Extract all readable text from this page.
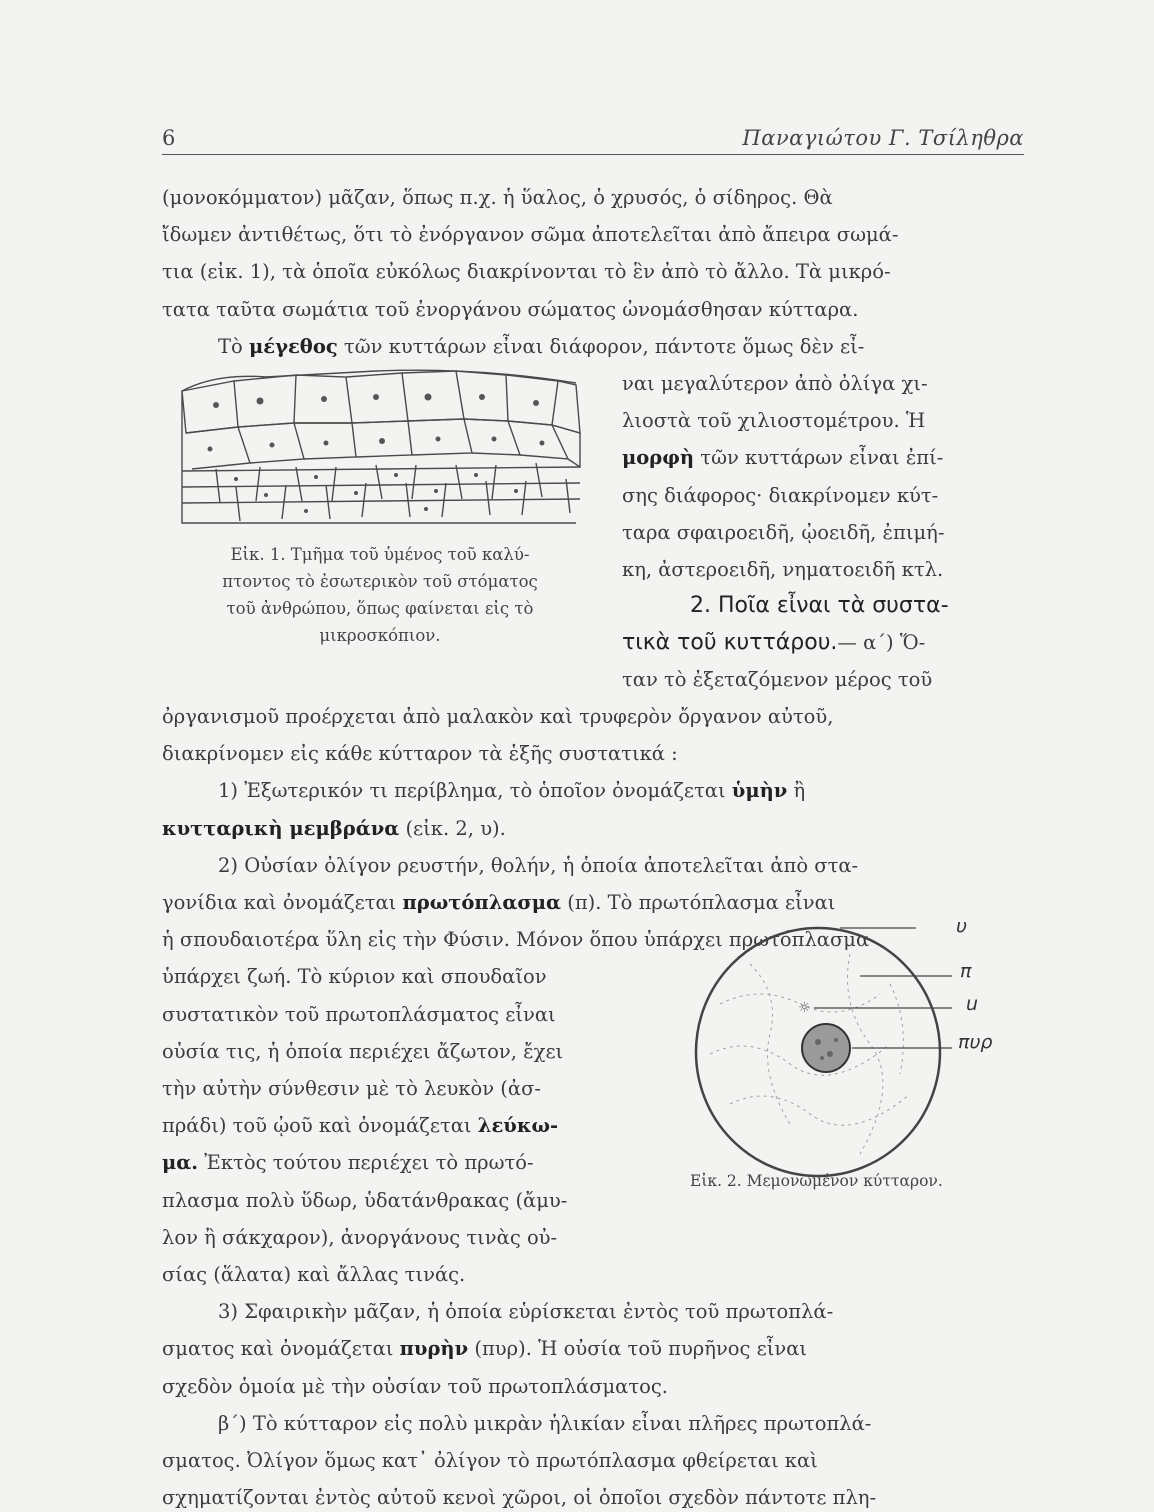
6	Παναγιώτου Γ. Τσίληθρα
(μονοκόμματον) μᾶζαν, ὅπως π.χ. ἡ ὕαλος, ὁ χρυσός, ὁ σίδηρος. Θὰ
ἴδωμεν ἀντιθέτως, ὅτι τὸ ἐνόργανον σῶμα ἀποτελεῖται ἀπὸ ἄπειρα σωμά-
τια (εἰκ. 1), τὰ ὁποῖα εὐκόλως διακρίνονται τὸ ἓν ἀπὸ τὸ ἄλλο. Τὰ μικρό-
τατα ταῦτα σωμάτια τοῦ ἐνοργάνου σώματος ὠνομάσθησαν κύτταρα.
Τὸ μέγεθος τῶν κυττάρων εἶναι διάφορον, πάντοτε ὅμως δὲν εἶ-
ναι μεγαλύτερον ἀπὸ ὀλίγα χι-
λιοστὰ τοῦ χιλιοστομέτρου. Ἡ
μορφὴ τῶν κυττάρων εἶναι ἐπί-
σης διάφορος· διακρίνομεν κύτ-
ταρα σφαιροειδῆ, ᾠοειδῆ, ἐπιμή-
κη, ἀστεροειδῆ, νηματοειδῆ κτλ.
Εἰκ. 1. Τμῆμα τοῦ ὑμένος τοῦ καλύ-
πτοντος τὸ ἐσωτερικὸν τοῦ στόματος
τοῦ ἀνθρώπου, ὅπως φαίνεται εἰς τὸ
μικροσκόπιον.
2. Ποῖα εἶναι τὰ συστα-
τικὰ τοῦ κυττάρου.— α΄) Ὅ-
ταν τὸ ἐξεταζόμενον μέρος τοῦ
ὀργανισμοῦ προέρχεται ἀπὸ μαλακὸν καὶ τρυφερὸν ὄργανον αὐτοῦ,
διακρίνομεν εἰς κάθε κύτταρον τὰ ἑξῆς συστατικά :
1) Ἐξωτερικόν τι περίβλημα, τὸ ὁποῖον ὀνομάζεται ὑμὴν ἢ
κυτταρικὴ μεμβράνα (εἰκ. 2, υ).
2) Οὐσίαν ὀλίγον ρευστήν, θολήν, ἡ ὁποία ἀποτελεῖται ἀπὸ στα-
γονίδια καὶ ὀνομάζεται πρωτόπλασμα (π). Τὸ πρωτόπλασμα εἶναι
ἡ σπουδαιοτέρα ὕλη εἰς τὴν Φύσιν. Μόνον ὅπου ὑπάρχει πρωτόπλασμα
ὑπάρχει ζωή. Τὸ κύριον καὶ σπουδαῖον
συστατικὸν τοῦ πρωτοπλάσματος εἶναι
οὐσία τις, ἡ ὁποία περιέχει ἄζωτον, ἔχει
τὴν αὐτὴν σύνθεσιν μὲ τὸ λευκὸν (ἀσ-
πράδι) τοῦ ᾠοῦ καὶ ὀνομάζεται λεύκω-
μα. Ἐκτὸς τούτου περιέχει τὸ πρωτό-
πλασμα πολὺ ὕδωρ, ὑδατάνθρακας (ἄμυ-
λον ἢ σάκχαρον), ἀνοργάνους τινὰς οὐ-
σίας (ἅλατα) καὶ ἄλλας τινάς.
☼
υ
π
u
πυρ
Εἰκ. 2. Μεμονωμένον κύτταρον.
3) Σφαιρικὴν μᾶζαν, ἡ ὁποία εὑρίσκεται ἐντὸς τοῦ πρωτοπλά-
σματος καὶ ὀνομάζεται πυρὴν (πυρ). Ἡ οὐσία τοῦ πυρῆνος εἶναι
σχεδὸν ὁμοία μὲ τὴν οὐσίαν τοῦ πρωτοπλάσματος.
β΄) Τὸ κύτταρον εἰς πολὺ μικρὰν ἡλικίαν εἶναι πλῆρες πρωτοπλά-
σματος. Ὀλίγον ὅμως κατ᾽ ὀλίγον τὸ πρωτόπλασμα φθείρεται καὶ
σχηματίζονται ἐντὸς αὐτοῦ κενοὶ χῶροι, οἱ ὁποῖοι σχεδὸν πάντοτε πλη-
